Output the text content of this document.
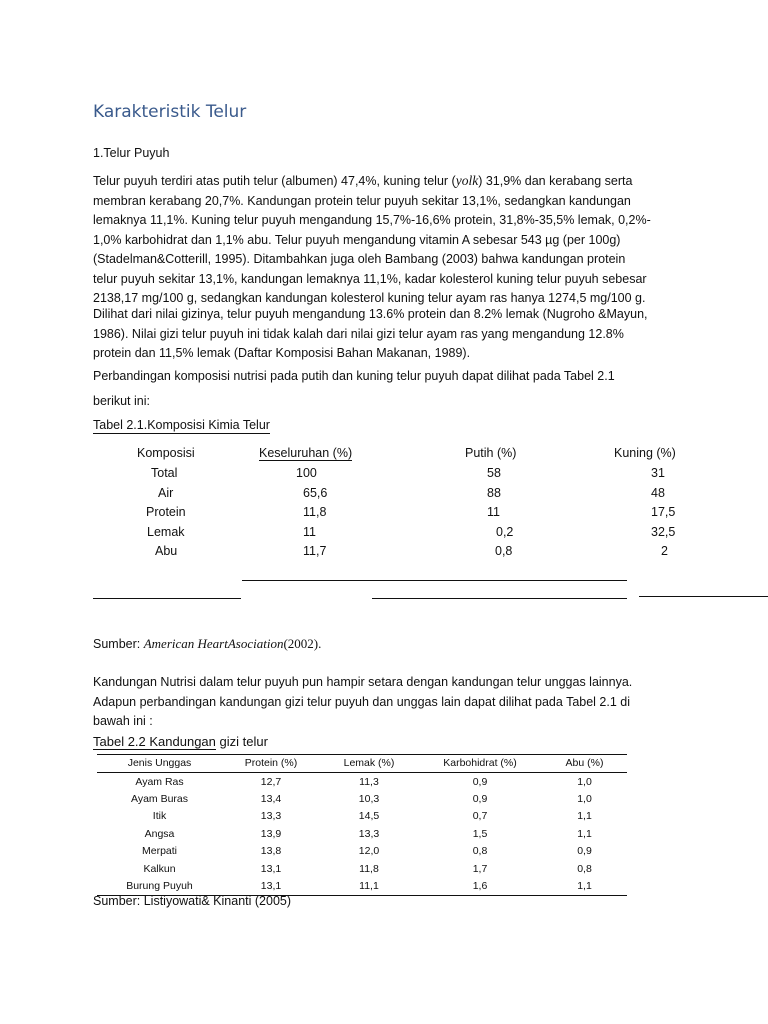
Karakteristik Telur
1.Telur Puyuh
Telur puyuh terdiri atas putih telur (albumen) 47,4%, kuning telur (yolk) 31,9% dan kerabang serta
membran kerabang 20,7%. Kandungan protein telur puyuh sekitar 13,1%, sedangkan kandungan
lemaknya 11,1%. Kuning telur puyuh mengandung 15,7%-16,6% protein, 31,8%-35,5% lemak, 0,2%-
1,0% karbohidrat dan 1,1% abu. Telur puyuh mengandung vitamin A sebesar 543 µg (per 100g)
(Stadelman&Cotterill, 1995). Ditambahkan juga oleh Bambang (2003) bahwa kandungan protein
telur puyuh sekitar 13,1%, kandungan lemaknya 11,1%, kadar kolesterol kuning telur puyuh sebesar
2138,17 mg/100 g, sedangkan kandungan kolesterol kuning telur ayam ras hanya 1274,5 mg/100 g.
Dilihat dari nilai gizinya, telur puyuh mengandung 13.6% protein dan 8.2% lemak (Nugroho &Mayun,
1986). Nilai gizi telur puyuh ini tidak kalah dari nilai gizi telur ayam ras yang mengandung 12.8%
protein dan 11,5% lemak (Daftar Komposisi Bahan Makanan, 1989).
Perbandingan komposisi nutrisi pada putih dan kuning telur puyuh dapat dilihat pada Tabel 2.1
berikut ini:
Tabel 2.1.Komposisi Kimia Telur
Komposisi	Keseluruhan (%)	Putih (%)	Kuning (%)
Total	100	58	31
Air	65,6	88	48
Protein	11,8	11	17,5
Lemak	11	0,2	32,5
Abu	11,7	0,8	2
Sumber: American HeartAsociation(2002).
Kandungan Nutrisi dalam telur puyuh pun hampir setara dengan kandungan telur unggas lainnya.
Adapun perbandingan kandungan gizi telur puyuh dan unggas lain dapat dilihat pada Tabel 2.1 di
bawah ini :
Tabel 2.2 Kandungan gizi telur
Jenis Unggas	Protein (%)	Lemak (%)	Karbohidrat (%)	Abu (%)
Ayam Ras	12,7	11,3	0,9	1,0
Ayam Buras	13,4	10,3	0,9	1,0
Itik	13,3	14,5	0,7	1,1
Angsa	13,9	13,3	1,5	1,1
Merpati	13,8	12,0	0,8	0,9
Kalkun	13,1	11,8	1,7	0,8
Burung Puyuh	13,1	11,1	1,6	1,1
Sumber: Listiyowati& Kinanti (2005)
